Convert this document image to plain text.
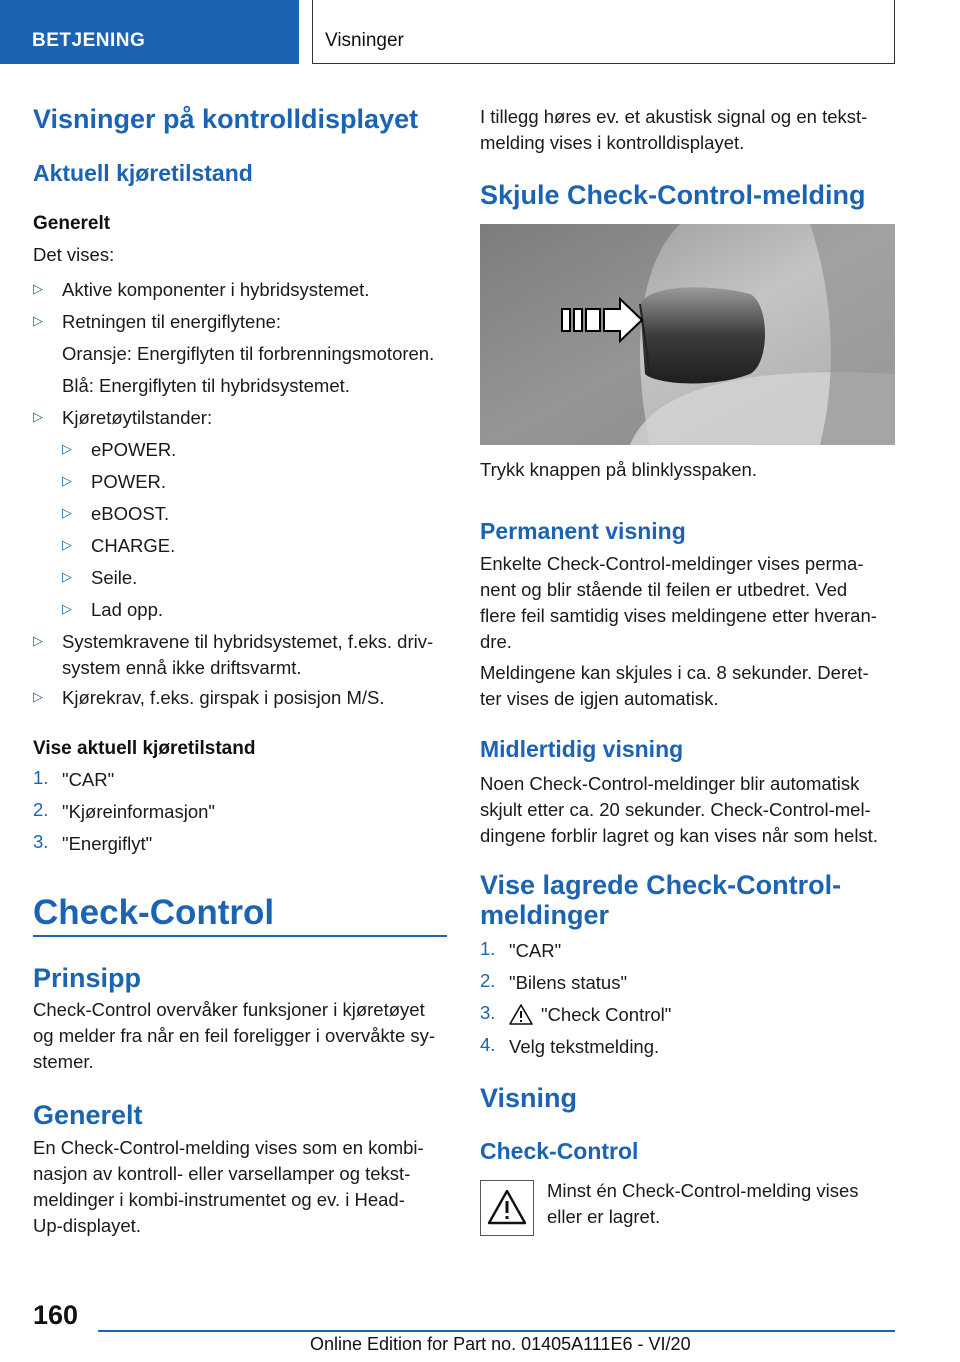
BETJENING	Visninger
Visninger på kontrolldisplayet
Aktuell kjøretilstand
Generelt
Det vises:
▷ Aktive komponenter i hybridsystemet.
▷ Retningen til energiflytene:
Oransje: Energiflyten til forbrenningsmotoren.
Blå: Energiflyten til hybridsystemet.
▷ Kjøretøytilstander:
▷ ePOWER.
▷ POWER.
▷ eBOOST.
▷ CHARGE.
▷ Seile.
▷ Lad opp.
▷ Systemkravene til hybridsystemet, f.eks. driv-
system ennå ikke driftsvarmt.
▷ Kjørekrav, f.eks. girspak i posisjon M/S.
Vise aktuell kjøretilstand
1. "CAR"
2. "Kjøreinformasjon"
3. "Energiflyt"
Check-Control
Prinsipp
Check-Control overvåker funksjoner i kjøretøyet
og melder fra når en feil foreligger i overvåkte sy-
stemer.
Generelt
En Check-Control-melding vises som en kombi-
nasjon av kontroll- eller varsellamper og tekst-
meldinger i kombi-instrumentet og ev. i Head-
Up-displayet.
I tillegg høres ev. et akustisk signal og en tekst-
melding vises i kontrolldisplayet.
Skjule Check-Control-melding
Trykk knappen på blinklysspaken.
Permanent visning
Enkelte Check-Control-meldinger vises perma-
nent og blir stående til feilen er utbedret. Ved
flere feil samtidig vises meldingene etter hveran-
dre.
Meldingene kan skjules i ca. 8 sekunder. Deret-
ter vises de igjen automatisk.
Midlertidig visning
Noen Check-Control-meldinger blir automatisk
skjult etter ca. 20 sekunder. Check-Control-mel-
dingene forblir lagret og kan vises når som helst.
Vise lagrede Check-Control-
meldinger
1. "CAR"
2. "Bilens status"
3. "Check Control"
4. Velg tekstmelding.
Visning
Check-Control
Minst én Check-Control-melding vises
eller er lagret.
160
Online Edition for Part no. 01405A111E6 - VI/20
